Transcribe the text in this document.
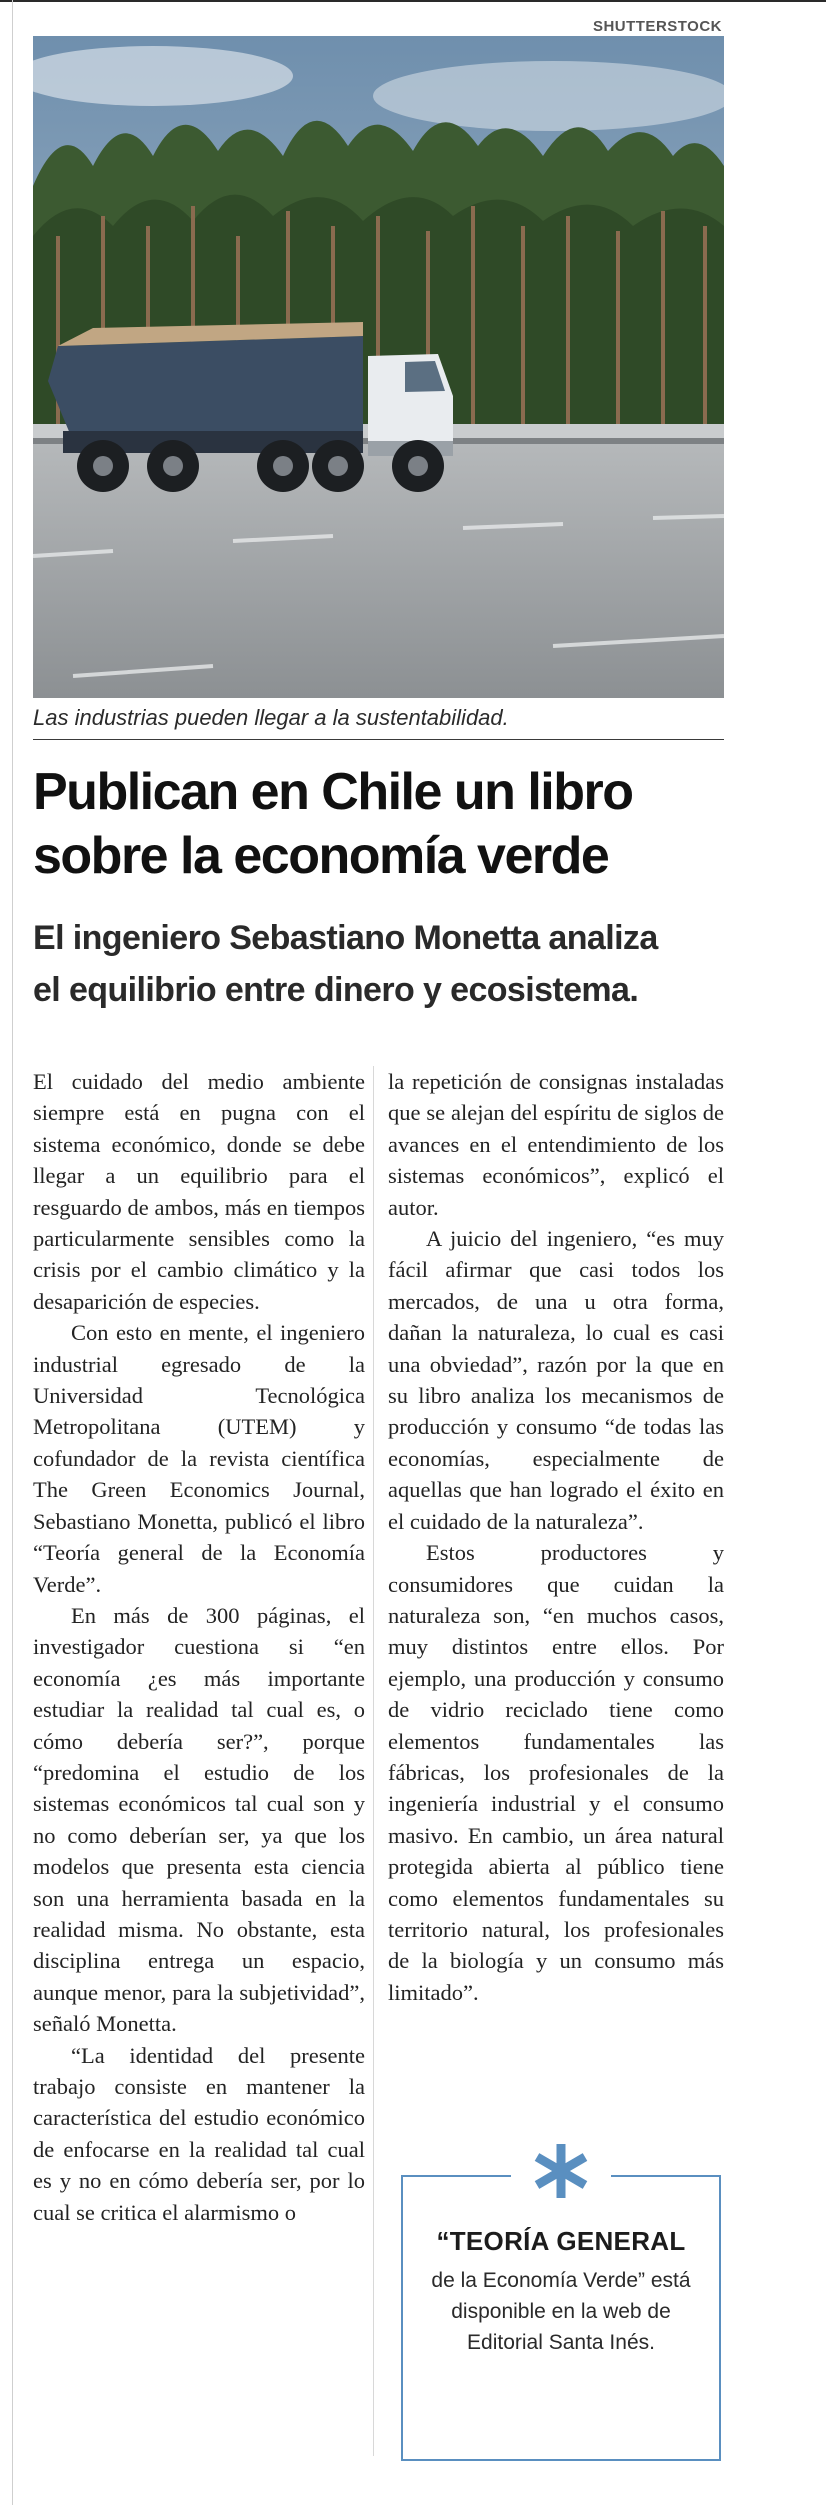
SHUTTERSTOCK
Las industrias pueden llegar a la sustentabilidad.
Publican en Chile un libro
sobre la economía verde
El ingeniero Sebastiano Monetta analiza
el equilibrio entre dinero y ecosistema.

El cuidado del medio ambiente siempre está en pugna con el sistema económico, donde se debe llegar a un equilibrio para el resguardo de ambos, más en tiempos particularmente sensibles como la crisis por el cambio climático y la desaparición de especies.

Con esto en mente, el ingeniero industrial egresado de la Universidad Tecnológica Metropolitana (UTEM) y cofundador de la revista científica The Green Economics Journal, Sebastiano Monetta, publicó el libro “Teoría general de la Economía Verde”.

En más de 300 páginas, el investigador cuestiona si “en economía ¿es más importante estudiar la realidad tal cual es, o cómo debería ser?”, porque “predomina el estudio de los sistemas económicos tal cual son y no como deberían ser, ya que los modelos que presenta esta ciencia son una herramienta basada en la realidad misma. No obstante, esta disciplina entrega un espacio, aunque menor, para la subjetividad”, señaló Monetta.

“La identidad del presente trabajo consiste en mantener la característica del estudio económico de enfocarse en la realidad tal cual es y no en cómo debería ser, por lo cual se critica el alarmismo o

la repetición de consignas instaladas que se alejan del espíritu de siglos de avances en el entendimiento de los sistemas económicos”, explicó el autor.

A juicio del ingeniero, “es muy fácil afirmar que casi todos los mercados, de una u otra forma, dañan la naturaleza, lo cual es casi una obviedad”, razón por la que en su libro analiza los mecanismos de producción y consumo “de todas las economías, especialmente de aquellas que han logrado el éxito en el cuidado de la naturaleza”.

Estos productores y consumidores que cuidan la naturaleza son, “en muchos casos, muy distintos entre ellos. Por ejemplo, una producción y consumo de vidrio reciclado tiene como elementos fundamentales las fábricas, los profesionales de la ingeniería industrial y el consumo masivo. En cambio, un área natural protegida abierta al público tiene como elementos fundamentales su territorio natural, los profesionales de la biología y un consumo más limitado”.

“TEORÍA GENERAL
de la Economía Verde” está
disponible en la web de
Editorial Santa Inés.
